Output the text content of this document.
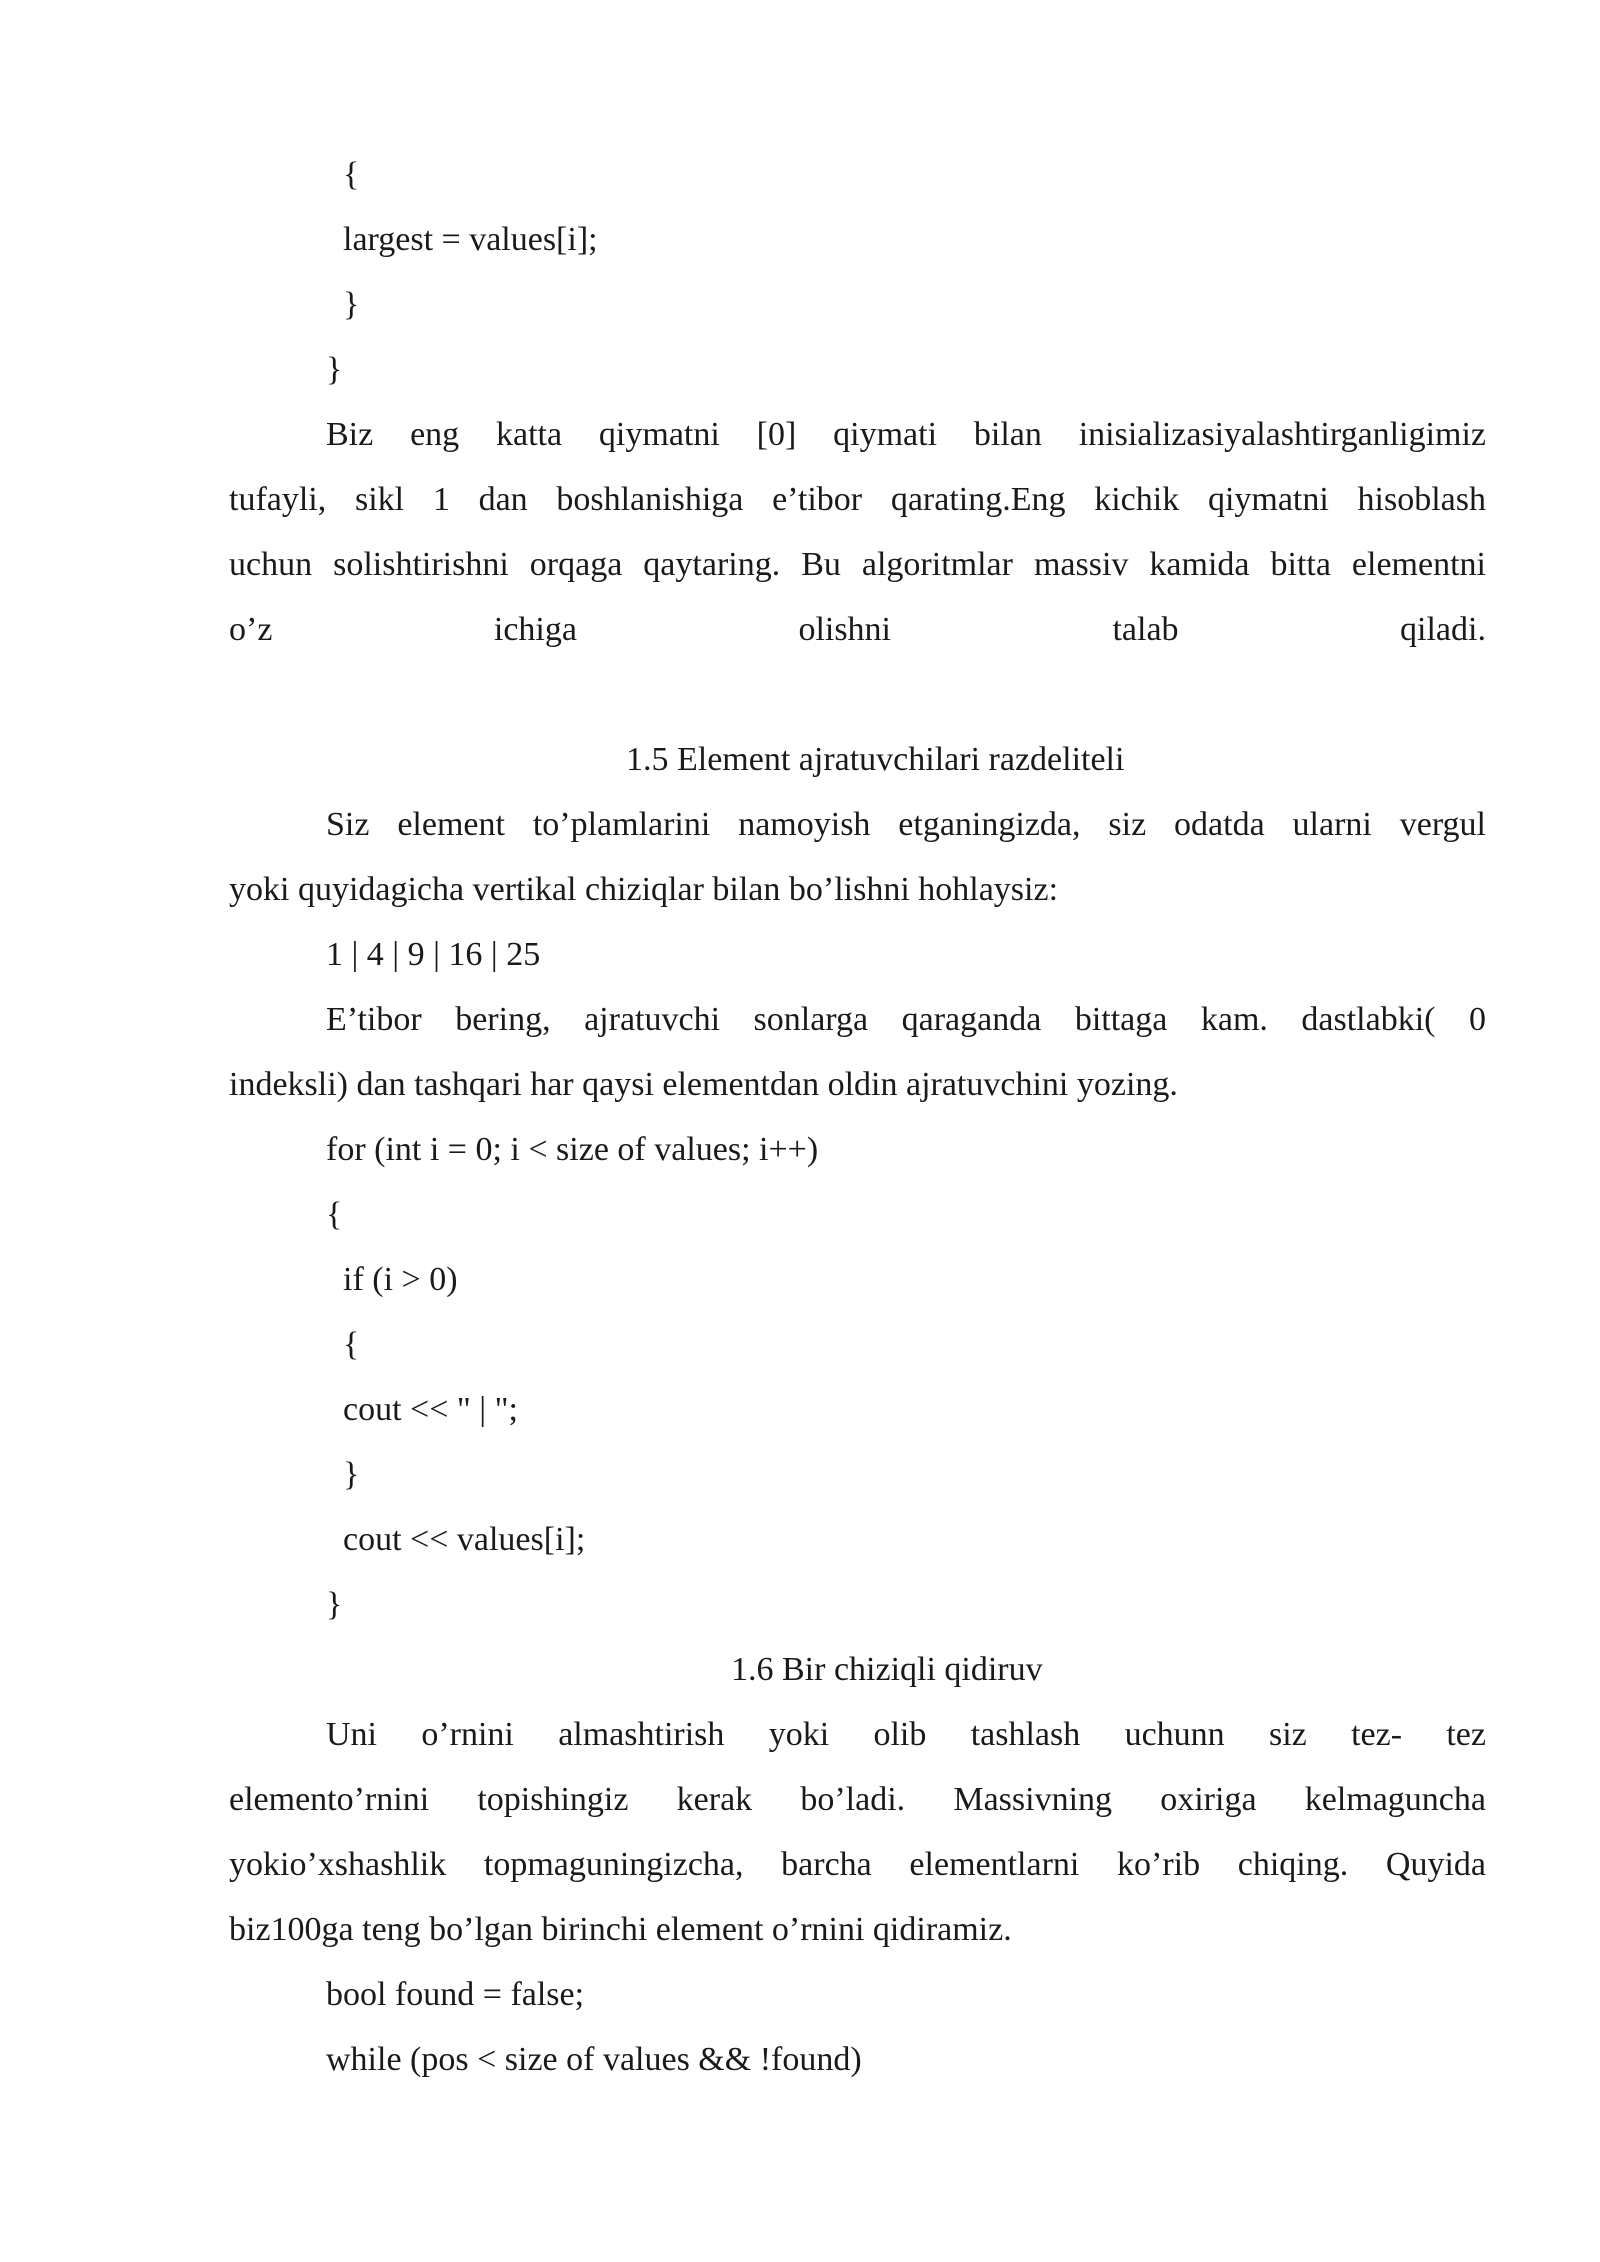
{
largest = values[i];
}
}
Biz eng katta qiymatni [0] qiymati bilan inisializasiyalashtirganligimiz
tufayli, sikl 1 dan boshlanishiga e’tibor qarating.Eng kichik qiymatni hisoblash
uchun solishtirishni orqaga qaytaring. Bu algoritmlar massiv kamida bitta elementni
o’z	ichiga	olishni	talab	qiladi.
1.5 Element ajratuvchilari razdeliteli
Siz element to’plamlarini namoyish etganingizda, siz odatda ularni vergul
yoki quyidagicha vertikal chiziqlar bilan bo’lishni hohlaysiz:
1 | 4 | 9 | 16 | 25
E’tibor bering, ajratuvchi sonlarga qaraganda bittaga kam. dastlabki( 0
indeksli) dan tashqari har qaysi elementdan oldin ajratuvchini yozing.
for (int i = 0; i < size of values; i++)
{
if (i > 0)
{
cout << " | ";
}
cout << values[i];
}
1.6 Bir chiziqli qidiruv
Uni o’rnini almashtirish yoki olib tashlash uchunn siz tez- tez
elemento’rnini topishingiz kerak bo’ladi. Massivning oxiriga kelmaguncha
yokio’xshashlik topmaguningizcha, barcha elementlarni ko’rib chiqing. Quyida
biz100ga teng bo’lgan birinchi element o’rnini qidiramiz.
bool found = false;
while (pos < size of values && !found)
